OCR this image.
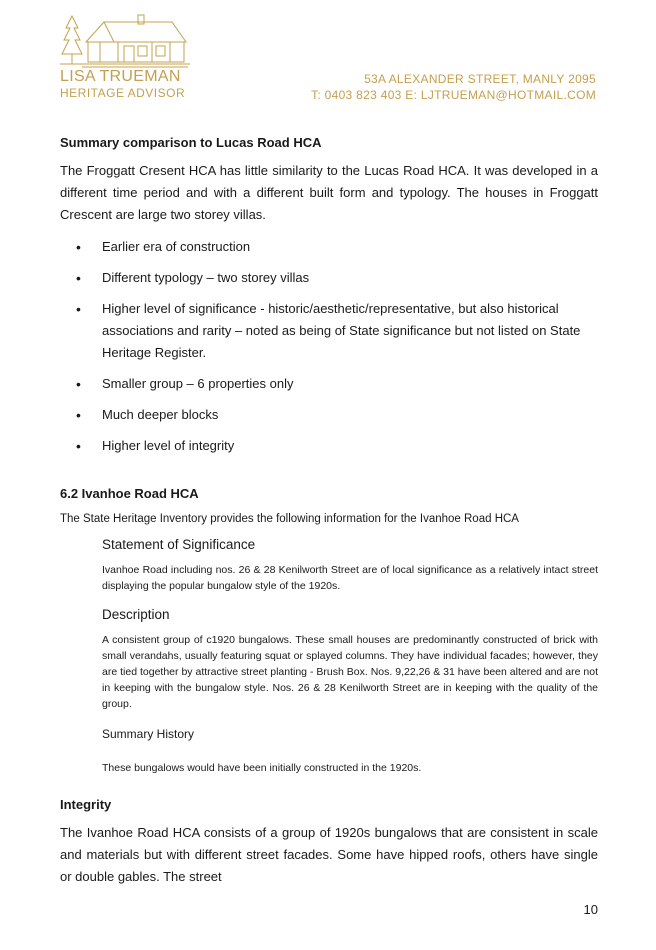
LISA TRUEMAN
HERITAGE ADVISOR
53A ALEXANDER STREET, MANLY 2095
T: 0403 823 403 E: LJTRUEMAN@HOTMAIL.COM
Summary comparison to Lucas Road HCA

The Froggatt Cresent HCA has little similarity to the Lucas Road HCA. It was developed in a different time period and with a different built form and typology. The houses in Froggatt Crescent are large two storey villas.

• Earlier era of construction
• Different typology – two storey villas
• Higher level of significance - historic/aesthetic/representative, but also historical associations and rarity – noted as being of State significance but not listed on State Heritage Register.
• Smaller group – 6 properties only
• Much deeper blocks
• Higher level of integrity
6.2 Ivanhoe Road HCA
The State Heritage Inventory provides the following information for the Ivanhoe Road HCA
Statement of Significance
Ivanhoe Road including nos. 26 & 28 Kenilworth Street are of local significance as a relatively intact street displaying the popular bungalow style of the 1920s.
Description
A consistent group of c1920 bungalows. These small houses are predominantly constructed of brick with small verandahs, usually featuring squat or splayed columns. They have individual facades; however, they are tied together by attractive street planting - Brush Box. Nos. 9,22,26 & 31 have been altered and are not in keeping with the bungalow style. Nos. 26 & 28 Kenilworth Street are in keeping with the quality of the group.
Summary History
These bungalows would have been initially constructed in the 1920s.
Integrity

The Ivanhoe Road HCA consists of a group of 1920s bungalows that are consistent in scale and materials but with different street facades. Some have hipped roofs, others have single or double gables. The street

10
